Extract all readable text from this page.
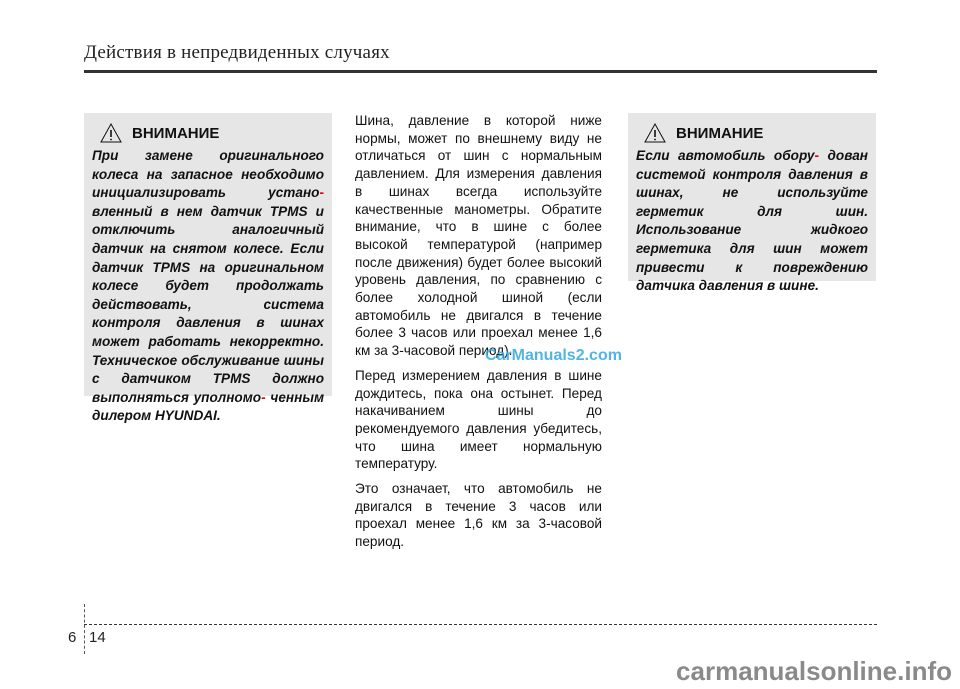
Действия в непредвиденных случаях
ВНИМАНИЕ

При замене оригинального колеса на запасное необходимо инициализировать устано- вленный в нем датчик TPMS и отключить аналогичный датчик на снятом колесе. Если датчик TPMS на оригинальном колесе будет продолжать действовать, система контроля давления в шинах может работать некорректно. Техническое обслуживание шины с датчиком TPMS должно выполняться уполномо- ченным дилером HYUNDAI.

Шина, давление в которой ниже нормы, может по внешнему виду не отличаться от шин с нормальным давлением. Для измерения давления в шинах всегда используйте качественные манометры. Обратите внимание, что в шине с более высокой температурой (например после движения) будет более высокий уровень давления, по сравнению с более холодной шиной (если автомобиль не двигался в течение более 3 часов или проехал менее 1,6 км за 3-часовой период).

Перед измерением давления в шине дождитесь, пока она остынет. Перед накачиванием шины до рекомендуемого давления убедитесь, что шина имеет нормальную температуру.

Это означает, что автомобиль не двигался в течение 3 часов или проехал менее 1,6 км за 3-часовой период.

CarManuals2.com
ВНИМАНИЕ

Если автомобиль обору- дован системой контроля давления в шинах, не используйте герметик для шин. Использование жидкого герметика для шин может привести к повреждению датчика давления в шине.

6 14
carmanualsonline.info
